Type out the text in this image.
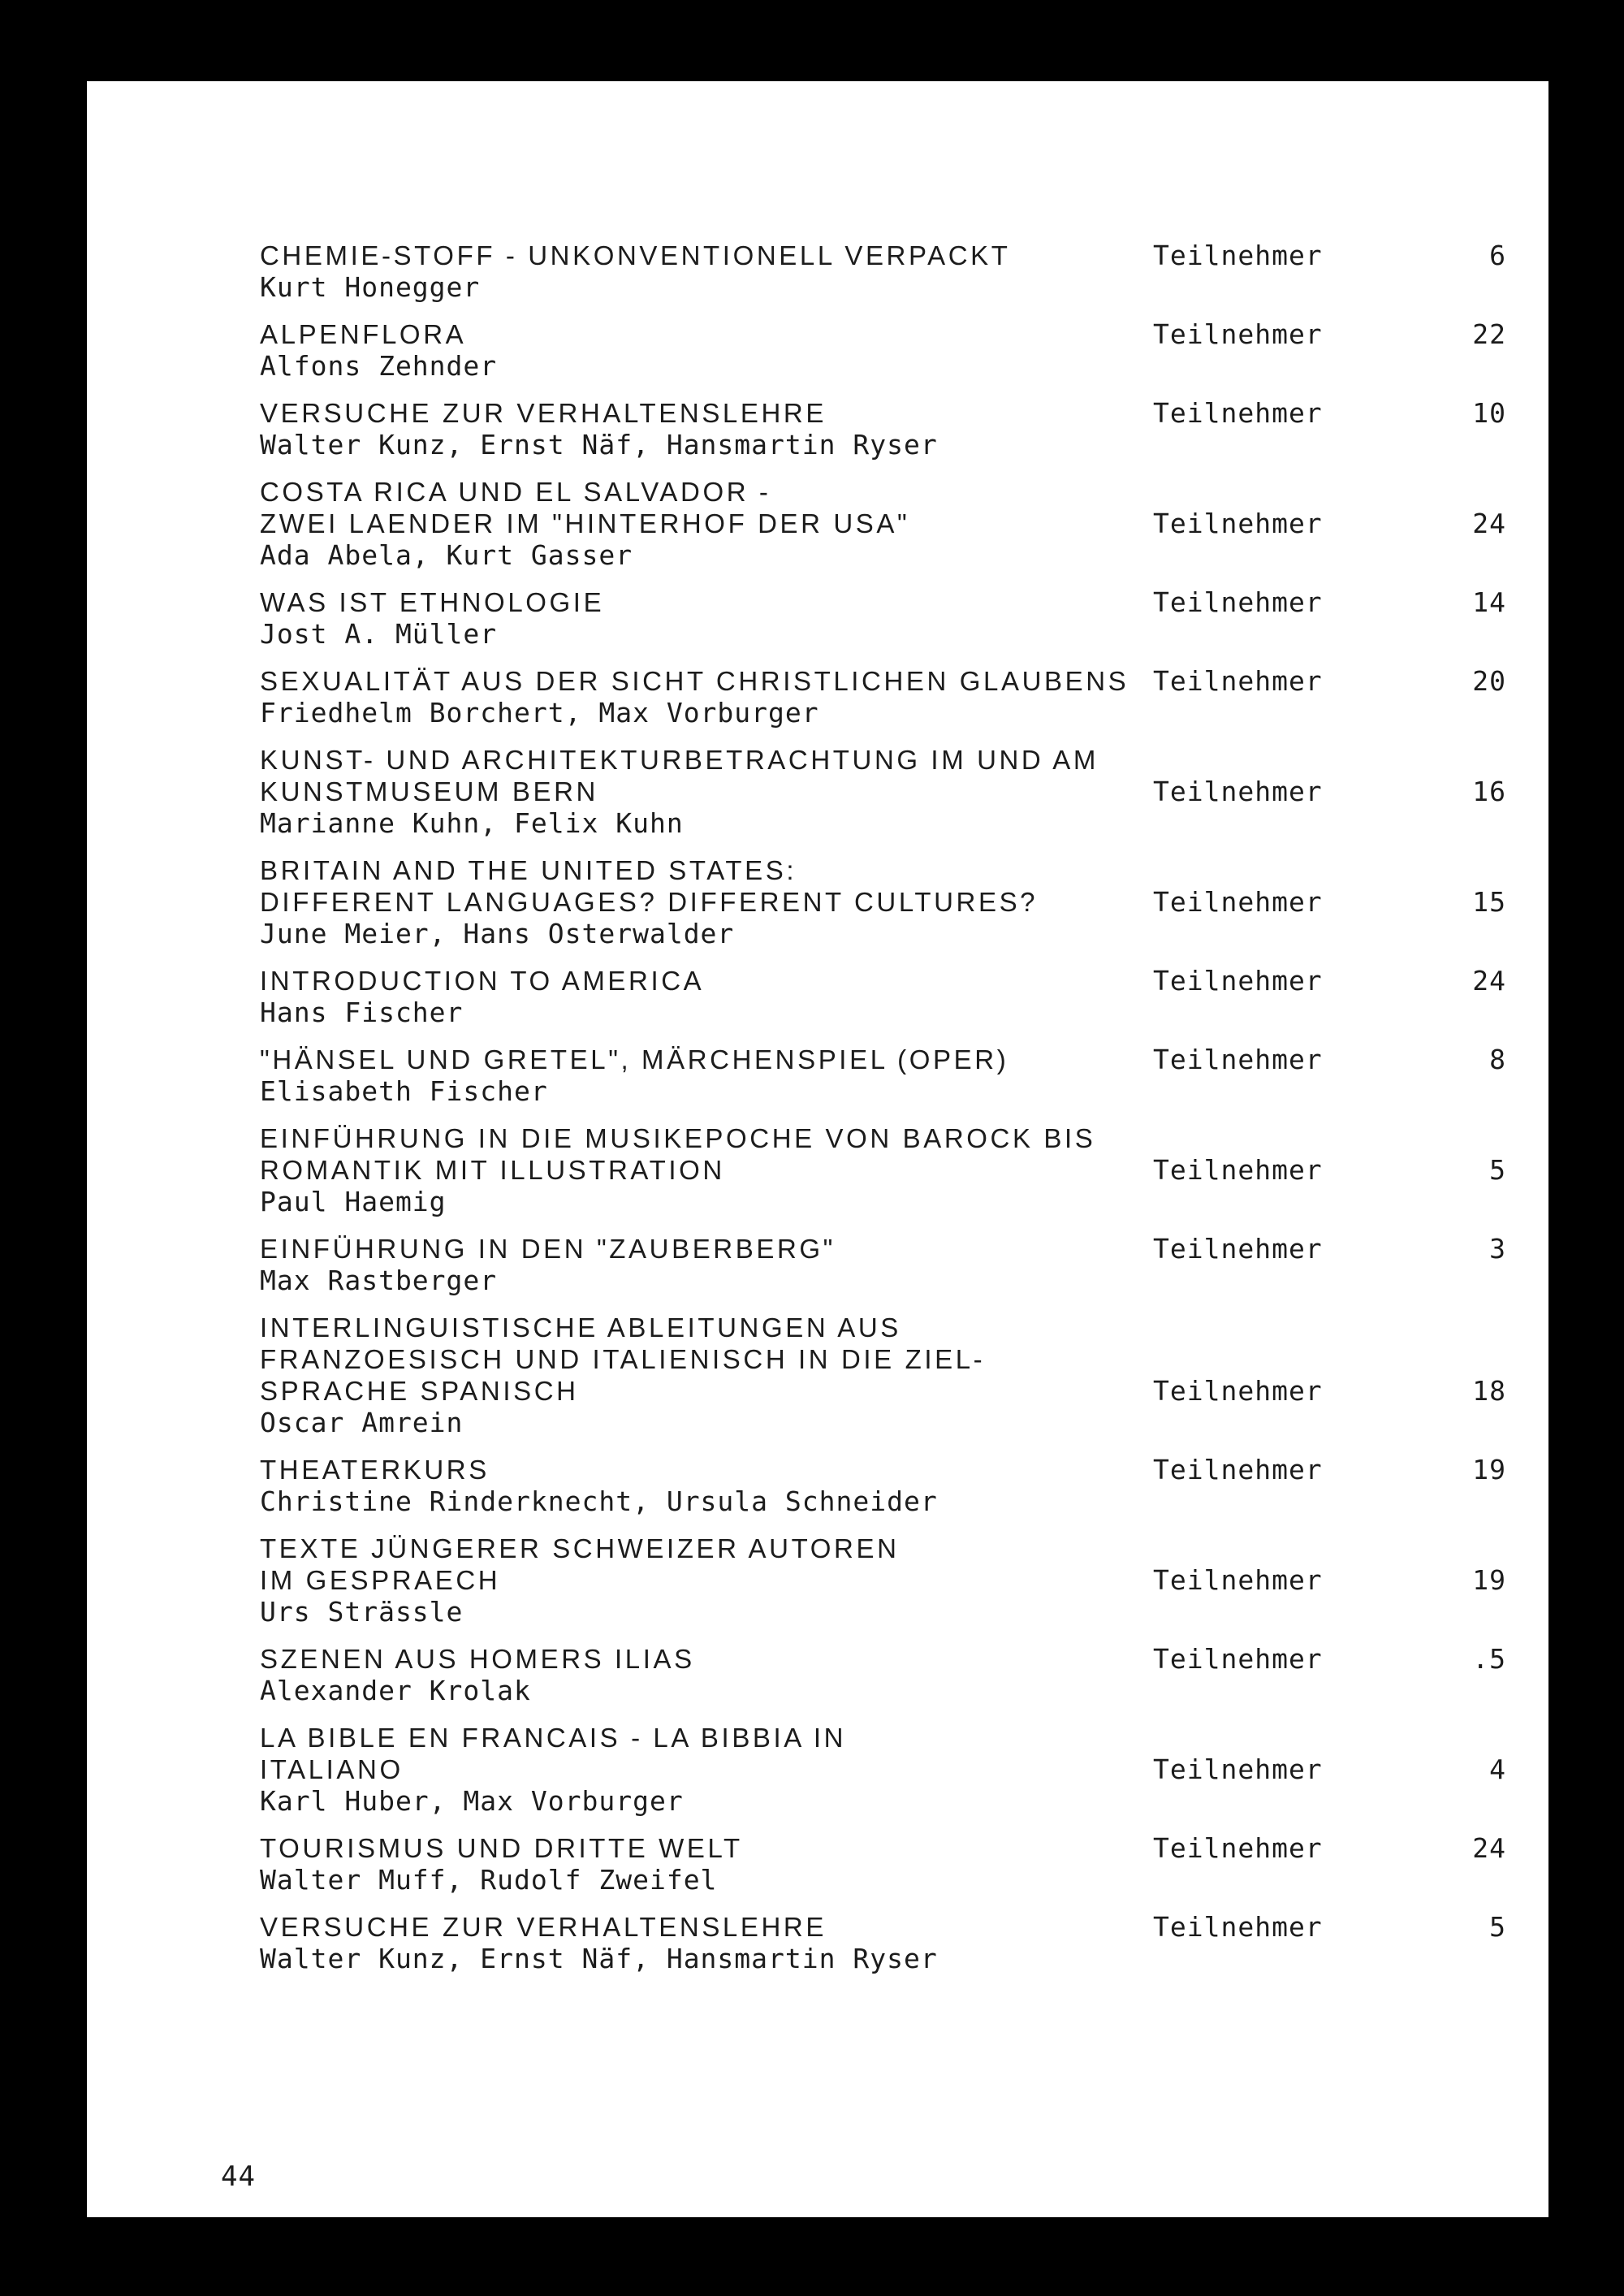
CHEMIE-STOFF - UNKONVENTIONELL VERPACKT
Kurt Honegger
Teilnehmer	6
ALPENFLORA
Alfons Zehnder
Teilnehmer	22
VERSUCHE ZUR VERHALTENSLEHRE
Walter Kunz, Ernst Näf, Hansmartin Ryser
Teilnehmer	10
COSTA RICA UND EL SALVADOR -
ZWEI LAENDER IM "HINTERHOF DER USA"
Ada Abela, Kurt Gasser
Teilnehmer	24
WAS IST ETHNOLOGIE
Jost A. Müller
Teilnehmer	14
SEXUALITÄT AUS DER SICHT CHRISTLICHEN GLAUBENS
Friedhelm Borchert, Max Vorburger
Teilnehmer	20
KUNST- UND ARCHITEKTURBETRACHTUNG IM UND AM
KUNSTMUSEUM BERN
Marianne Kuhn, Felix Kuhn
Teilnehmer	16
BRITAIN AND THE UNITED STATES:
DIFFERENT LANGUAGES? DIFFERENT CULTURES?
June Meier, Hans Osterwalder
Teilnehmer	15
INTRODUCTION TO AMERICA
Hans Fischer
Teilnehmer	24
"HÄNSEL UND GRETEL", MÄRCHENSPIEL (OPER)
Elisabeth Fischer
Teilnehmer	8
EINFÜHRUNG IN DIE MUSIKEPOCHE VON BAROCK BIS
ROMANTIK MIT ILLUSTRATION
Paul Haemig
Teilnehmer	5
EINFÜHRUNG IN DEN "ZAUBERBERG"
Max Rastberger
Teilnehmer	3
INTERLINGUISTISCHE ABLEITUNGEN AUS
FRANZOESISCH UND ITALIENISCH IN DIE ZIEL-
SPRACHE SPANISCH
Oscar Amrein
Teilnehmer	18
THEATERKURS
Christine Rinderknecht, Ursula Schneider
Teilnehmer	19
TEXTE JÜNGERER SCHWEIZER AUTOREN
IM GESPRAECH
Urs Strässle
Teilnehmer	19
SZENEN AUS HOMERS ILIAS
Alexander Krolak
Teilnehmer	.5
LA BIBLE EN FRANCAIS - LA BIBBIA IN
ITALIANO
Karl Huber, Max Vorburger
Teilnehmer	4
TOURISMUS UND DRITTE WELT
Walter Muff, Rudolf Zweifel
Teilnehmer	24
VERSUCHE ZUR VERHALTENSLEHRE
Walter Kunz, Ernst Näf, Hansmartin Ryser
Teilnehmer	5
44
